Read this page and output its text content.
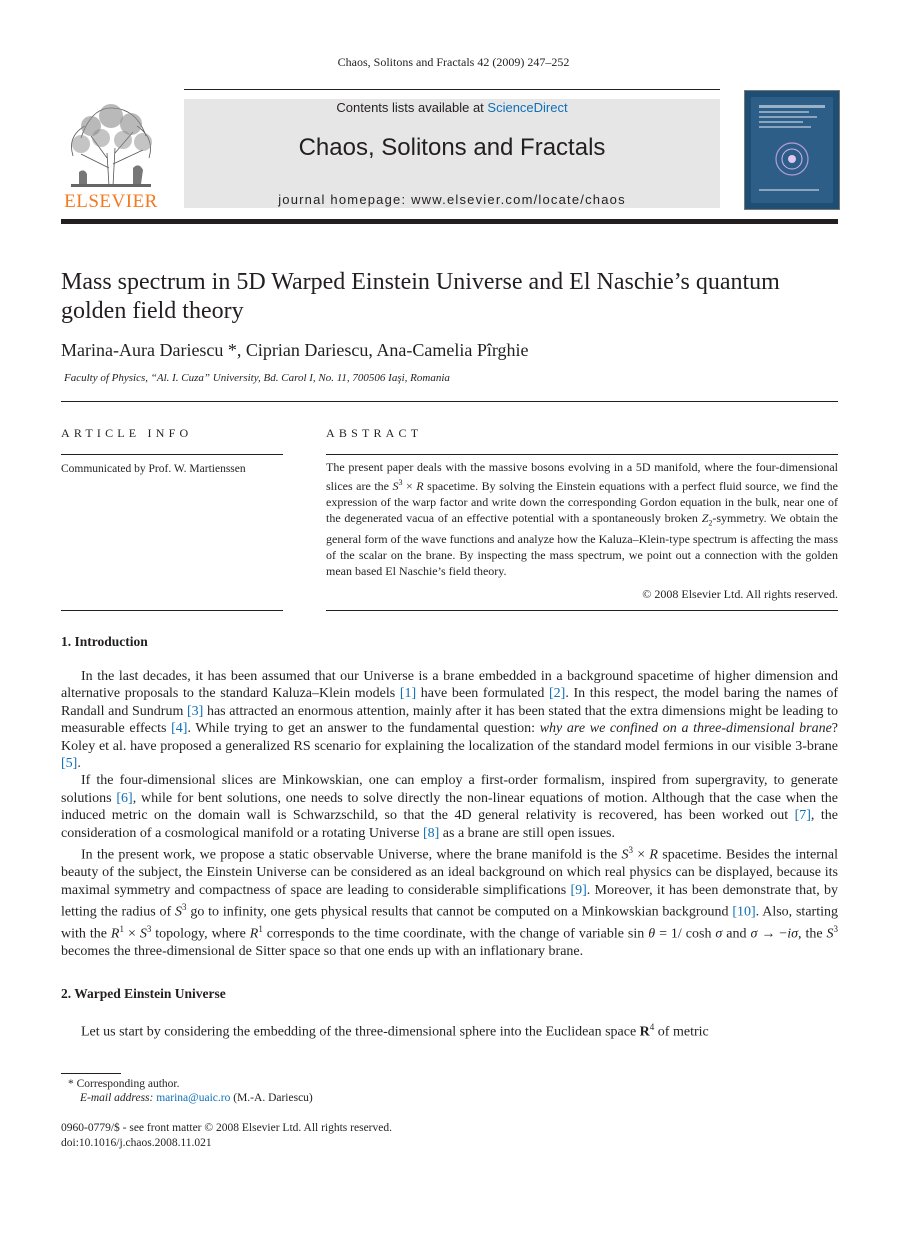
Chaos, Solitons and Fractals 42 (2009) 247–252
ELSEVIER
Contents lists available at ScienceDirect
Chaos, Solitons and Fractals
journal homepage: www.elsevier.com/locate/chaos
Mass spectrum in 5D Warped Einstein Universe and El Naschie’s quantum golden field theory
Marina-Aura Dariescu *, Ciprian Dariescu, Ana-Camelia Pîrghie
Faculty of Physics, “Al. I. Cuza” University, Bd. Carol I, No. 11, 700506 Iaşi, Romania
ARTICLE INFO
Communicated by Prof. W. Martienssen
ABSTRACT
The present paper deals with the massive bosons evolving in a 5D manifold, where the four-dimensional slices are the $S^3 \times R$ spacetime. By solving the Einstein equations with a perfect fluid source, we find the expression of the warp factor and write down the corresponding Gordon equation in the bulk, near one of the degenerated vacua of an effective potential with a spontaneously broken $Z_2$-symmetry. We obtain the general form of the wave functions and analyze how the Kaluza–Klein-type spectrum is affecting the mass of the scalar on the brane. By inspecting the mass spectrum, we point out a connection with the golden mean based El Naschie’s field theory.
© 2008 Elsevier Ltd. All rights reserved.
1. Introduction

In the last decades, it has been assumed that our Universe is a brane embedded in a background spacetime of higher dimension and alternative proposals to the standard Kaluza–Klein models [1] have been formulated [2]. In this respect, the model baring the names of Randall and Sundrum [3] has attracted an enormous attention, mainly after it has been stated that the extra dimensions might be leading to measurable effects [4]. While trying to get an answer to the fundamental question: why are we confined on a three-dimensional brane? Koley et al. have proposed a generalized RS scenario for explaining the localization of the standard model fermions in our visible 3-brane [5].

If the four-dimensional slices are Minkowskian, one can employ a first-order formalism, inspired from supergravity, to generate solutions [6], while for bent solutions, one needs to solve directly the non-linear equations of motion. Although that the case when the induced metric on the domain wall is Schwarzschild, so that the 4D general relativity is recovered, has been worked out [7], the consideration of a cosmological manifold or a rotating Universe [8] as a brane are still open issues.

In the present work, we propose a static observable Universe, where the brane manifold is the $S^3 \times R$ spacetime. Besides the internal beauty of the subject, the Einstein Universe can be considered as an ideal background on which real physics can be displayed, because its maximal symmetry and compactness of space are leading to considerable simplifications [9]. Moreover, it has been demonstrate that, by letting the radius of $S^3$ go to infinity, one gets physical results that cannot be computed on a Minkowskian background [10]. Also, starting with the $R^1 \times S^3$ topology, where $R^1$ corresponds to the time coordinate, with the change of variable sin θ = 1/ cosh σ and σ → −iσ, the $S^3$ becomes the three-dimensional de Sitter space so that one ends up with an inflationary brane.

2. Warped Einstein Universe

Let us start by considering the embedding of the three-dimensional sphere into the Euclidean space $R^4$ of metric

* Corresponding author.
E-mail address: marina@uaic.ro (M.-A. Dariescu)
0960-0779/$ - see front matter © 2008 Elsevier Ltd. All rights reserved.
doi:10.1016/j.chaos.2008.11.021
